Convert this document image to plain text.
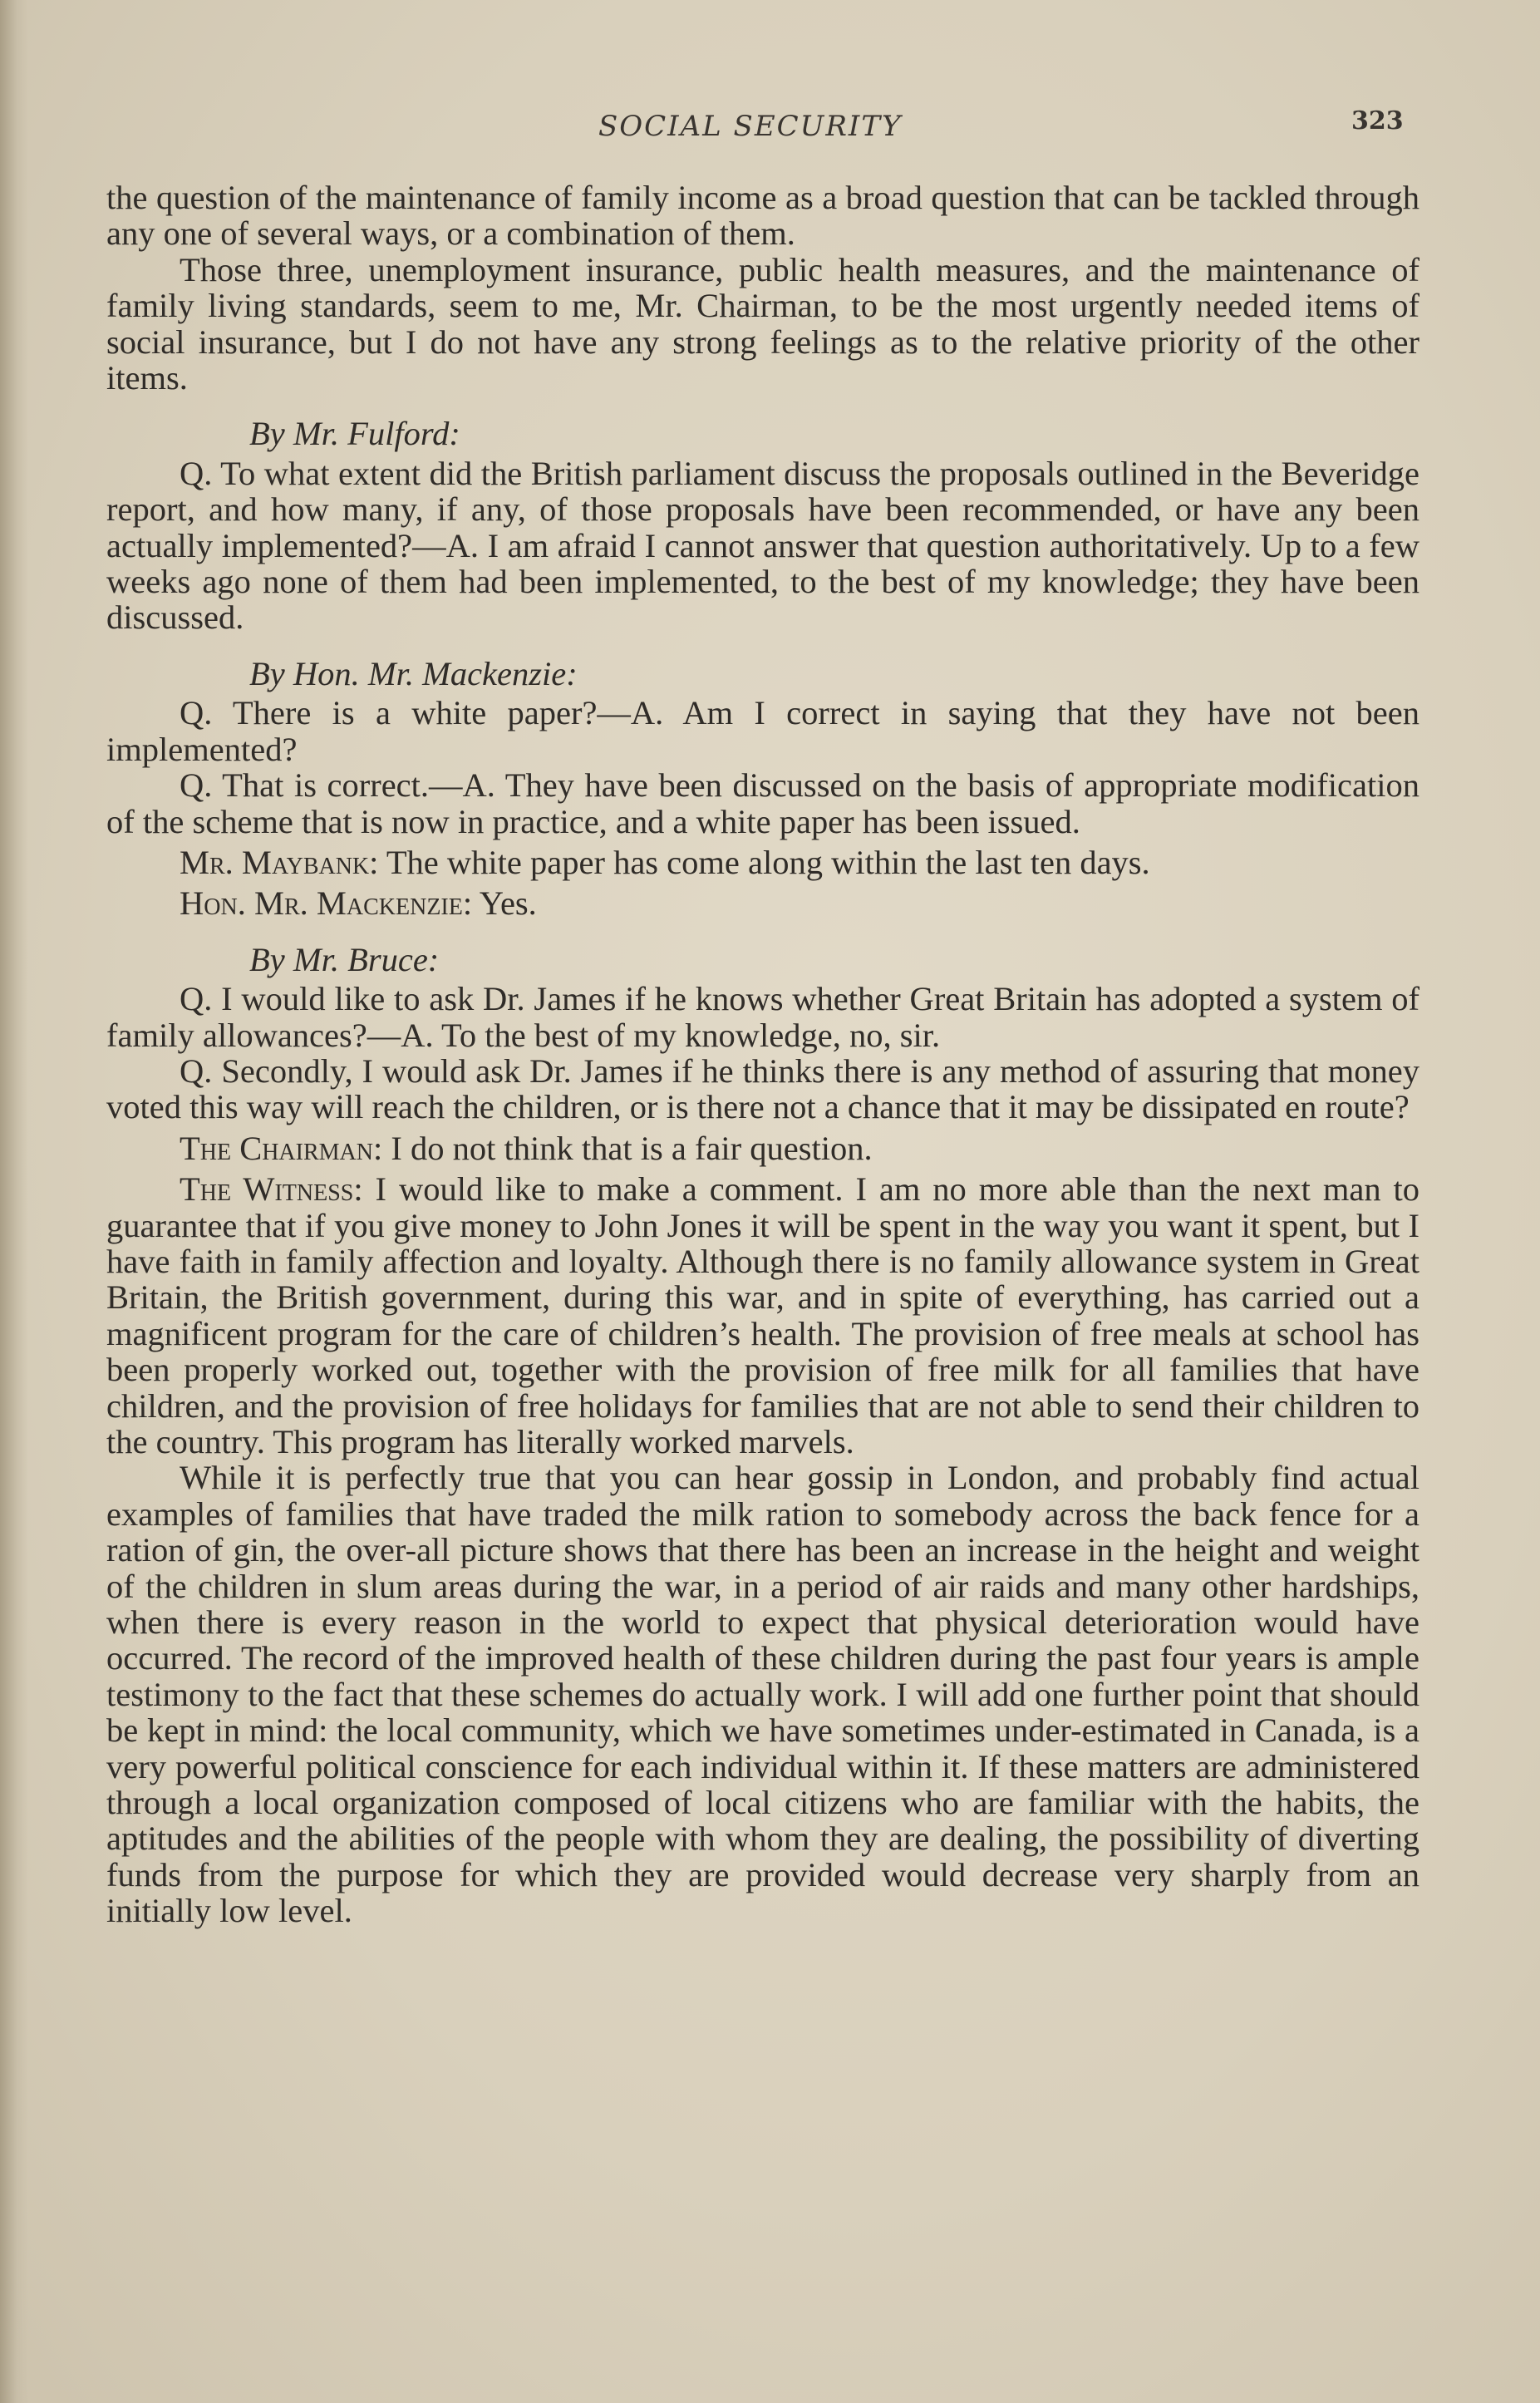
SOCIAL SECURITY	323

the question of the maintenance of family income as a broad question that can be tackled through any one of several ways, or a combination of them.

Those three, unemployment insurance, public health measures, and the maintenance of family living standards, seem to me, Mr. Chairman, to be the most urgently needed items of social insurance, but I do not have any strong feelings as to the relative priority of the other items.

By Mr. Fulford:

Q. To what extent did the British parliament discuss the proposals outlined in the Beveridge report, and how many, if any, of those proposals have been recommended, or have any been actually implemented?—A. I am afraid I cannot answer that question authoritatively. Up to a few weeks ago none of them had been implemented, to the best of my knowledge; they have been discussed.

By Hon. Mr. Mackenzie:

Q. There is a white paper?—A. Am I correct in saying that they have not been implemented?

Q. That is correct.—A. They have been discussed on the basis of appropriate modification of the scheme that is now in practice, and a white paper has been issued.

Mr. Maybank: The white paper has come along within the last ten days.

Hon. Mr. Mackenzie: Yes.

By Mr. Bruce:

Q. I would like to ask Dr. James if he knows whether Great Britain has adopted a system of family allowances?—A. To the best of my knowledge, no, sir.

Q. Secondly, I would ask Dr. James if he thinks there is any method of assuring that money voted this way will reach the children, or is there not a chance that it may be dissipated en route?

The Chairman: I do not think that is a fair question.

The Witness: I would like to make a comment. I am no more able than the next man to guarantee that if you give money to John Jones it will be spent in the way you want it spent, but I have faith in family affection and loyalty. Although there is no family allowance system in Great Britain, the British government, during this war, and in spite of everything, has carried out a magnificent program for the care of children’s health. The provision of free meals at school has been properly worked out, together with the provision of free milk for all families that have children, and the provision of free holidays for families that are not able to send their children to the country. This program has literally worked marvels.

While it is perfectly true that you can hear gossip in London, and probably find actual examples of families that have traded the milk ration to somebody across the back fence for a ration of gin, the over-all picture shows that there has been an increase in the height and weight of the children in slum areas during the war, in a period of air raids and many other hardships, when there is every reason in the world to expect that physical deterioration would have occurred. The record of the improved health of these children during the past four years is ample testimony to the fact that these schemes do actually work. I will add one further point that should be kept in mind: the local community, which we have sometimes under-estimated in Canada, is a very powerful political conscience for each individual within it. If these matters are administered through a local organization composed of local citizens who are familiar with the habits, the aptitudes and the abilities of the people with whom they are dealing, the possibility of diverting funds from the purpose for which they are provided would decrease very sharply from an initially low level.
